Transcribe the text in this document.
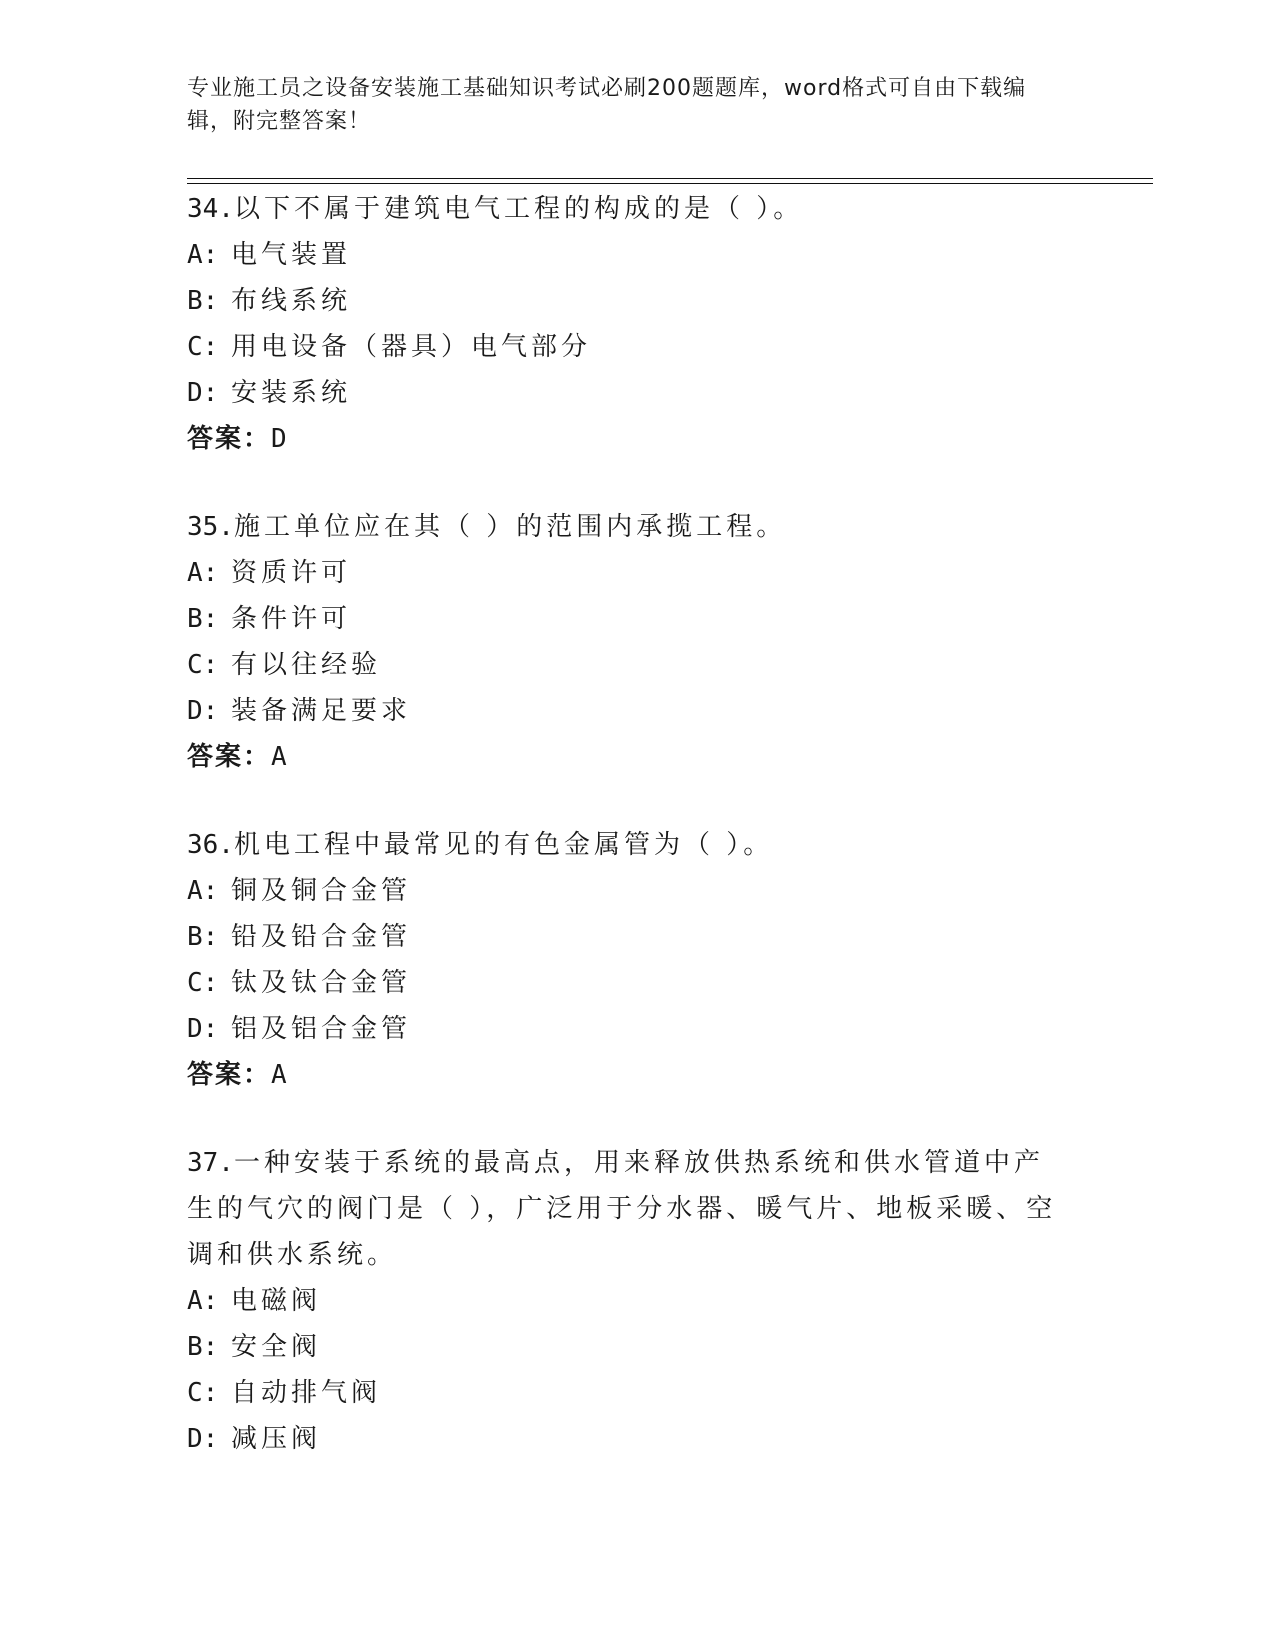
专业施工员之设备安装施工基础知识考试必刷200题题库，word格式可自由下载编辑，附完整答案！

34.以下不属于建筑电气工程的构成的是（ ）。

A: 电气装置
B: 布线系统
C: 用电设备（器具）电气部分
D: 安装系统
答案：D

35.施工单位应在其（ ）的范围内承揽工程。

A: 资质许可
B: 条件许可
C: 有以往经验
D: 装备满足要求
答案：A

36.机电工程中最常见的有色金属管为（ ）。

A: 铜及铜合金管
B: 铅及铅合金管
C: 钛及钛合金管
D: 铝及铝合金管
答案：A

37.一种安装于系统的最高点，用来释放供热系统和供水管道中产生的气穴的阀门是（ ），广泛用于分水器、暖气片、地板采暖、空调和供水系统。

A: 电磁阀
B: 安全阀
C: 自动排气阀
D: 减压阀
